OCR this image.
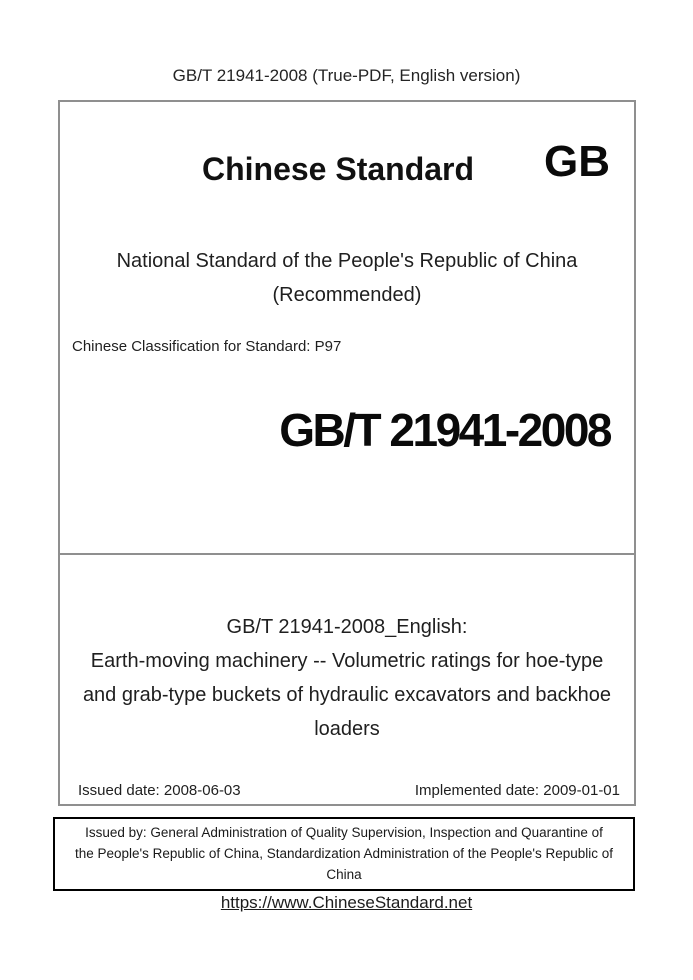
GB/T 21941-2008 (True-PDF, English version)
Chinese Standard	GB
National Standard of the People's Republic of China
(Recommended)
Chinese Classification for Standard: P97
GB/T 21941-2008
GB/T 21941-2008_English:
Earth-moving machinery -- Volumetric ratings for hoe-type
and grab-type buckets of hydraulic excavators and backhoe
loaders
Issued date: 2008-06-03	Implemented date: 2009-01-01
Issued by: General Administration of Quality Supervision, Inspection and Quarantine of
the People's Republic of China, Standardization Administration of the People's Republic of
China
https://www.ChineseStandard.net
